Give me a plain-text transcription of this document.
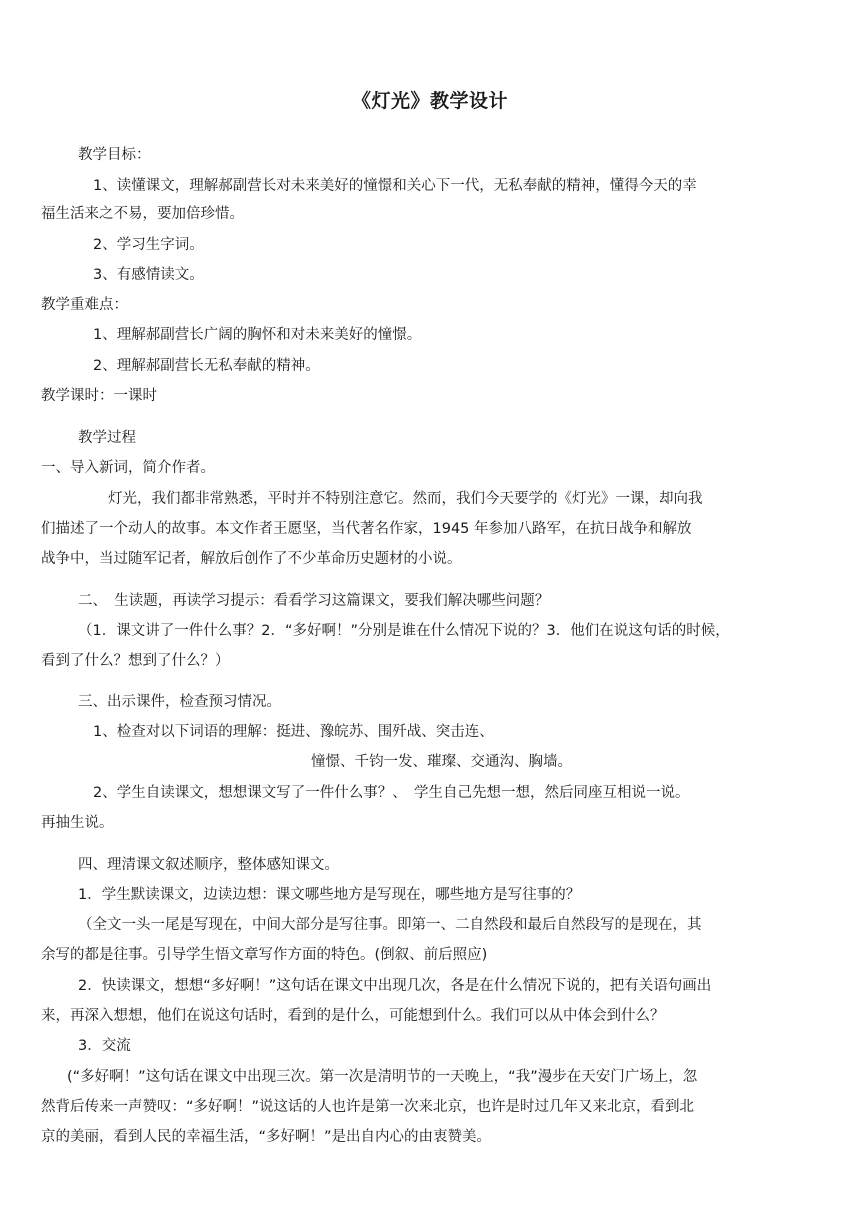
《灯光》教学设计
教学目标：
1、读懂课文，理解郝副营长对未来美好的憧憬和关心下一代，无私奉献的精神，懂得今天的幸
福生活来之不易，要加倍珍惜。
2、学习生字词。
3、有感情读文。
教学重难点：
1、理解郝副营长广阔的胸怀和对未来美好的憧憬。
2、理解郝副营长无私奉献的精神。
教学课时：一课时
教学过程
一、导入新词，简介作者。
灯光，我们都非常熟悉，平时并不特别注意它。然而，我们今天要学的《灯光》一课，却向我
们描述了一个动人的故事。本文作者王愿坚，当代著名作家，1945 年参加八路军，在抗日战争和解放
战争中，当过随军记者，解放后创作了不少革命历史题材的小说。
二、　生读题，再读学习提示：看看学习这篇课文，要我们解决哪些问题？
（1．课文讲了一件什么事？2．“多好啊！”分别是谁在什么情况下说的？3．他们在说这句话的时候，
看到了什么？想到了什么？）
三、出示课件，检查预习情况。
1、检查对以下词语的理解：挺进、豫皖苏、围歼战、突击连、
憧憬、千钧一发、璀璨、交通沟、胸墙。
2、学生自读课文，想想课文写了一件什么事？、　学生自己先想一想，然后同座互相说一说。
再抽生说。
四、理清课文叙述顺序，整体感知课文。
1．学生默读课文，边读边想：课文哪些地方是写现在，哪些地方是写往事的？
（全文一头一尾是写现在，中间大部分是写往事。即第一、二自然段和最后自然段写的是现在，其
余写的都是往事。引导学生悟文章写作方面的特色。(倒叙、前后照应)
2．快读课文，想想“多好啊！”这句话在课文中出现几次，各是在什么情况下说的，把有关语句画出
来，再深入想想，他们在说这句话时，看到的是什么，可能想到什么。我们可以从中体会到什么？
3．交流
(“多好啊！”这句话在课文中出现三次。第一次是清明节的一天晚上，“我”漫步在天安门广场上，忽
然背后传来一声赞叹：“多好啊！”说这话的人也许是第一次来北京，也许是时过几年又来北京，看到北
京的美丽，看到人民的幸福生活，“多好啊！”是出自内心的由衷赞美。
